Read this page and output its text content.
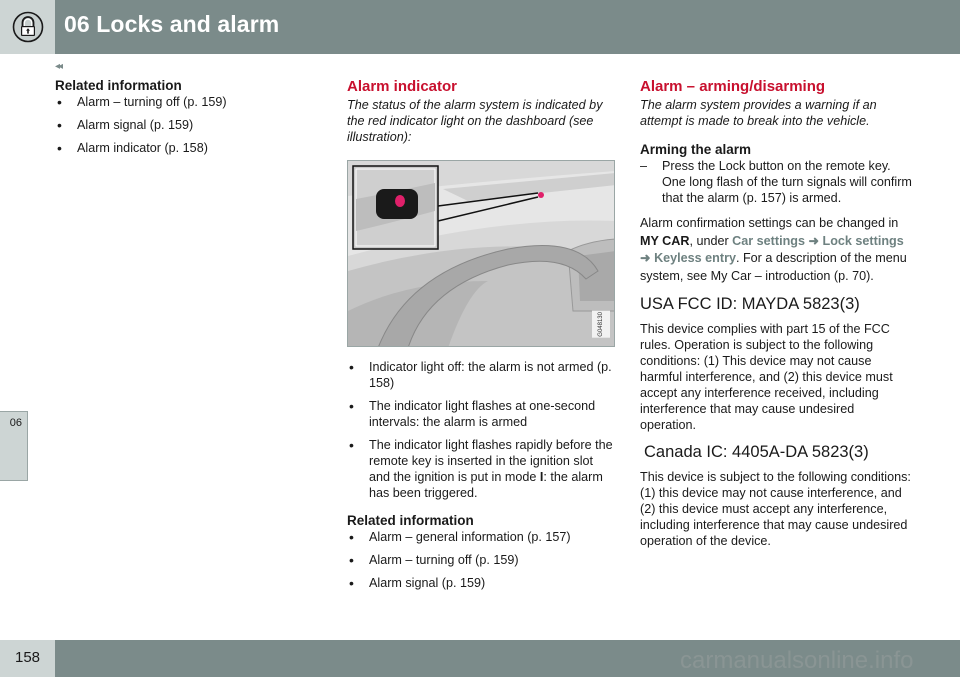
06 Locks and alarm
◂◂
06
Related information
• Alarm – turning off (p. 159)
• Alarm signal (p. 159)
• Alarm indicator (p. 158)
Alarm indicator

The status of the alarm system is indicated by the red indicator light on the dashboard (see illustration):

G048130
• Indicator light off: the alarm is not armed (p. 158)
• The indicator light flashes at one-second intervals: the alarm is armed
• The indicator light flashes rapidly before the remote key is inserted in the ignition slot and the ignition is put in mode I: the alarm has been triggered.
Related information
• Alarm – general information (p. 157)
• Alarm – turning off (p. 159)
• Alarm signal (p. 159)
Alarm – arming/disarming

The alarm system provides a warning if an attempt is made to break into the vehicle.

Arming the alarm
– Press the Lock button on the remote key. One long flash of the turn signals will confirm that the alarm (p. 157) is armed.

Alarm confirmation settings can be changed in MY CAR, under Car settings ➜ Lock settings ➜ Keyless entry. For a description of the menu system, see My Car – introduction (p. 70).

USA FCC ID: MAYDA 5823(3)

This device complies with part 15 of the FCC rules. Operation is subject to the following conditions: (1) This device may not cause harmful interference, and (2) this device must accept any interference received, including interference that may cause undesired operation.

Canada IC: 4405A-DA 5823(3)

This device is subject to the following conditions: (1) this device may not cause interference, and (2) this device must accept any interference, including interference that may cause undesired operation of the device.

158	carmanualsonline.info
